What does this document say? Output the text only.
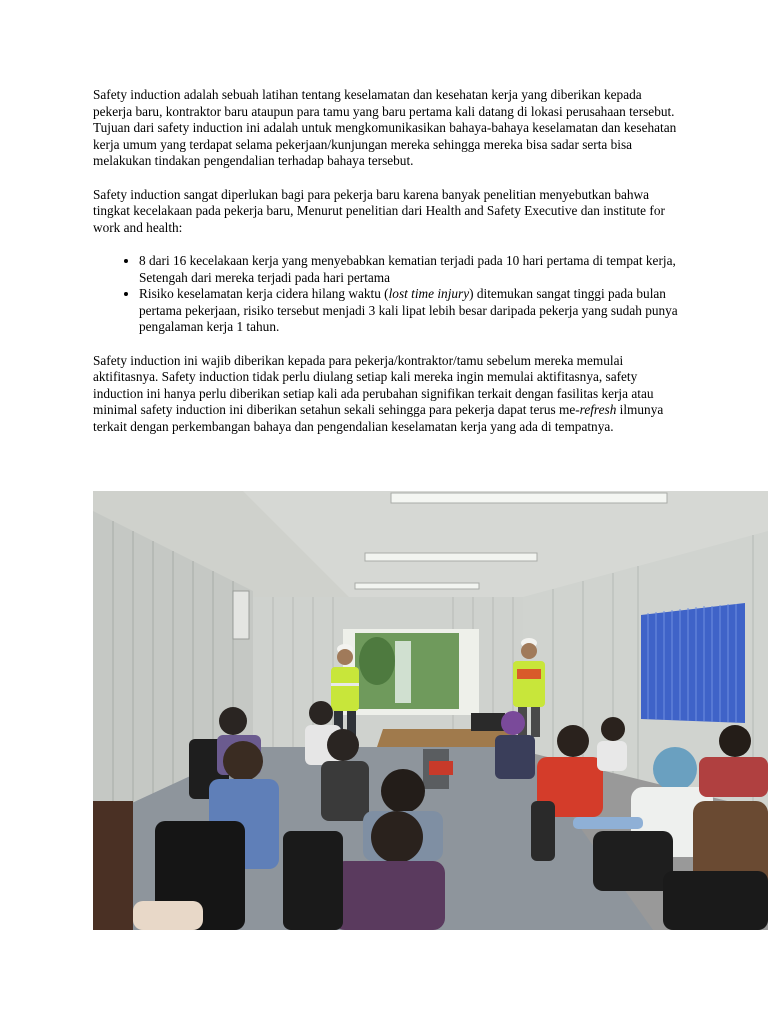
Safety induction adalah sebuah latihan tentang keselamatan dan kesehatan kerja yang diberikan kepada pekerja baru, kontraktor baru ataupun para tamu yang baru pertama kali datang di lokasi perusahaan tersebut. Tujuan dari safety induction ini adalah untuk mengkomunikasikan bahaya-bahaya keselamatan dan kesehatan kerja umum yang terdapat selama pekerjaan/kunjungan mereka sehingga mereka bisa sadar serta bisa melakukan tindakan pengendalian terhadap bahaya tersebut.

Safety induction sangat diperlukan bagi para pekerja baru karena banyak penelitian menyebutkan bahwa tingkat kecelakaan pada pekerja baru, Menurut penelitian dari Health and Safety Executive dan institute for work and health:

• 8 dari 16 kecelakaan kerja yang menyebabkan kematian terjadi pada 10 hari pertama di tempat kerja, Setengah dari mereka terjadi pada hari pertama
• Risiko keselamatan kerja cidera hilang waktu (lost time injury) ditemukan sangat tinggi pada bulan pertama pekerjaan, risiko tersebut menjadi 3 kali lipat lebih besar daripada pekerja yang sudah punya pengalaman kerja 1 tahun.

Safety induction ini wajib diberikan kepada para pekerja/kontraktor/tamu sebelum mereka memulai aktifitasnya. Safety induction tidak perlu diulang setiap kali mereka ingin memulai aktifitasnya, safety induction ini hanya perlu diberikan setiap kali ada perubahan signifikan terkait dengan fasilitas kerja atau minimal safety induction ini diberikan setahun sekali sehingga para pekerja dapat terus me-refresh ilmunya terkait dengan perkembangan bahaya dan pengendalian keselamatan kerja yang ada di tempatnya.
